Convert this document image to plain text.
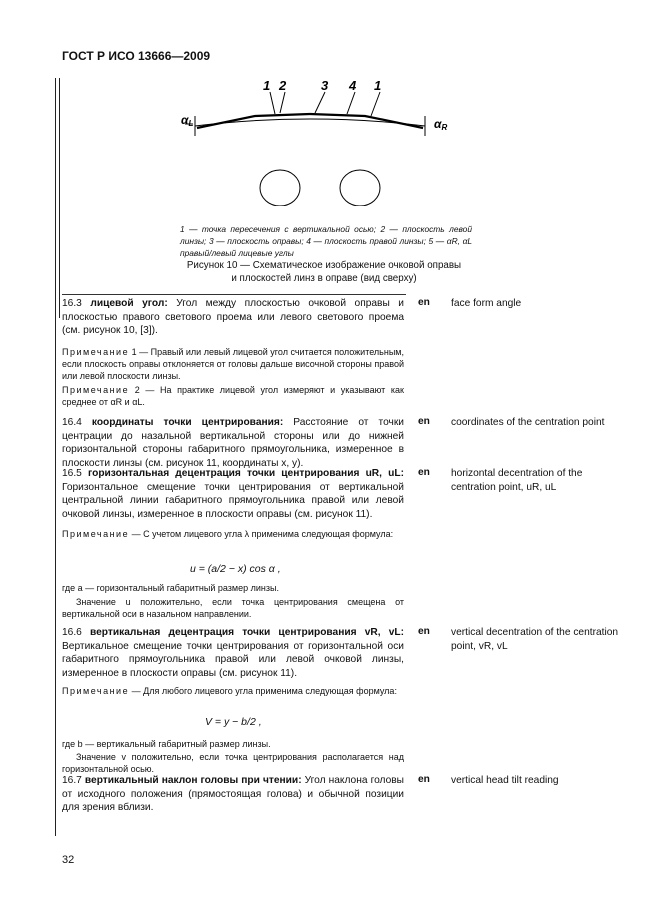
ГОСТ Р ИСО 13666—2009
1 2	3 4 1
αL	αR
1 — точка пересечения с вертикальной осью; 2 — плоскость левой линзы; 3 — плоскость оправы; 4 — плоскость правой линзы; 5 — αR, αL правый/левый лицевые углы
Рисунок 10 — Схематическое изображение очковой оправы
и плоскостей линз в оправе (вид сверху)
16.3 лицевой угол: Угол между плоскостью очковой оправы и плоскостью правого светового проема или левого светового проема (см. рисунок 10, [3]).
en face form angle
Примечание 1 — Правый или левый лицевой угол считается положительным, если плоскость оправы отклоняется от головы дальше височной стороны правой или левой плоскости линзы.
Примечание 2 — На практике лицевой угол измеряют и указывают как среднее от αR и αL.
16.4 координаты точки центрирования: Расстояние от точки центрации до назальной вертикальной стороны или до нижней горизонтальной стороны габаритного прямоугольника, измеренное в плоскости линзы (см. рисунок 11, координаты x, y).
en coordinates of the centration point
16.5 горизонтальная децентрация точки центрирования uR, uL: Горизонтальное смещение точки центрирования от вертикальной центральной линии габаритного прямоугольника правой или левой очковой линзы, измеренное в плоскости оправы (см. рисунок 11).
en horizontal decentration of the centration point, uR, uL
Примечание — С учетом лицевого угла λ применима следующая формула:
u = (a/2 − x) cos α ,
где a — горизонтальный габаритный размер линзы.
Значение u положительно, если точка центрирования смещена от вертикальной оси в назальном направлении.
16.6 вертикальная децентрация точки центрирования vR, vL: Вертикальное смещение точки центрирования от горизонтальной оси габаритного прямоугольника правой или левой очковой линзы, измеренное в плоскости оправы (см. рисунок 11).
en vertical decentration of the centration point, vR, vL
Примечание — Для любого лицевого угла применима следующая формула:
V = y − b/2 ,
где b — вертикальный габаритный размер линзы.
Значение v положительно, если точка центрирования располагается над горизонтальной осью.
16.7 вертикальный наклон головы при чтении: Угол наклона головы от исходного положения (прямостоящая голова) и обычной позиции для зрения вблизи.
en vertical head tilt reading
32
